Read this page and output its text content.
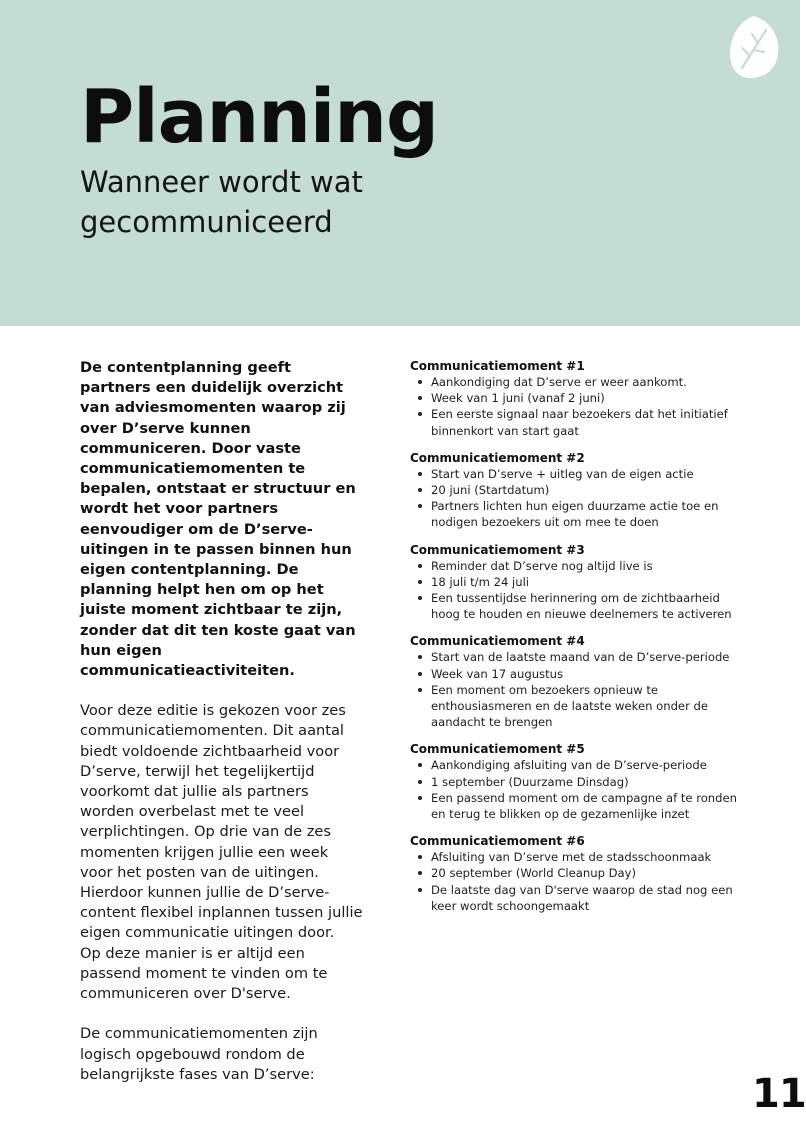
Planning
Wanneer wordt wat gecommuniceerd

De contentplanning geeft partners een duidelijk overzicht van adviesmomenten waarop zij over D’serve kunnen communiceren. Door vaste communicatiemomenten te bepalen, ontstaat er structuur en wordt het voor partners eenvoudiger om de D’serve-uitingen in te passen binnen hun eigen contentplanning. De planning helpt hen om op het juiste moment zichtbaar te zijn, zonder dat dit ten koste gaat van hun eigen communicatieactiviteiten.

Voor deze editie is gekozen voor zes communicatiemomenten. Dit aantal biedt voldoende zichtbaarheid voor D’serve, terwijl het tegelijkertijd voorkomt dat jullie als partners worden overbelast met te veel verplichtingen. Op drie van de zes momenten krijgen jullie een week voor het posten van de uitingen. Hierdoor kunnen jullie de D’serve-content flexibel inplannen tussen jullie eigen communicatie uitingen door.

Op deze manier is er altijd een passend moment te vinden om te communiceren over D'serve.

De communicatiemomenten zijn logisch opgebouwd rondom de belangrijkste fases van D’serve:

Communicatiemoment #1
Aankondiging dat D’serve er weer aankomt.
Week van 1 juni (vanaf 2 juni)
Een eerste signaal naar bezoekers dat het initiatief binnenkort van start gaat
Communicatiemoment #2
Start van D’serve + uitleg van de eigen actie
20 juni (Startdatum)
Partners lichten hun eigen duurzame actie toe en nodigen bezoekers uit om mee te doen
Communicatiemoment #3
Reminder dat D’serve nog altijd live is
18 juli t/m 24 juli
Een tussentijdse herinnering om de zichtbaarheid hoog te houden en nieuwe deelnemers te activeren
Communicatiemoment #4
Start van de laatste maand van de D’serve-periode
Week van 17 augustus
Een moment om bezoekers opnieuw te enthousiasmeren en de laatste weken onder de aandacht te brengen
Communicatiemoment #5
Aankondiging afsluiting van de D’serve-periode
1 september (Duurzame Dinsdag)
Een passend moment om de campagne af te ronden en terug te blikken op de gezamenlijke inzet
Communicatiemoment #6
Afsluiting van D’serve met de stadsschoonmaak
20 september (World Cleanup Day)
De laatste dag van D'serve waarop de stad nog een keer wordt schoongemaakt
11
